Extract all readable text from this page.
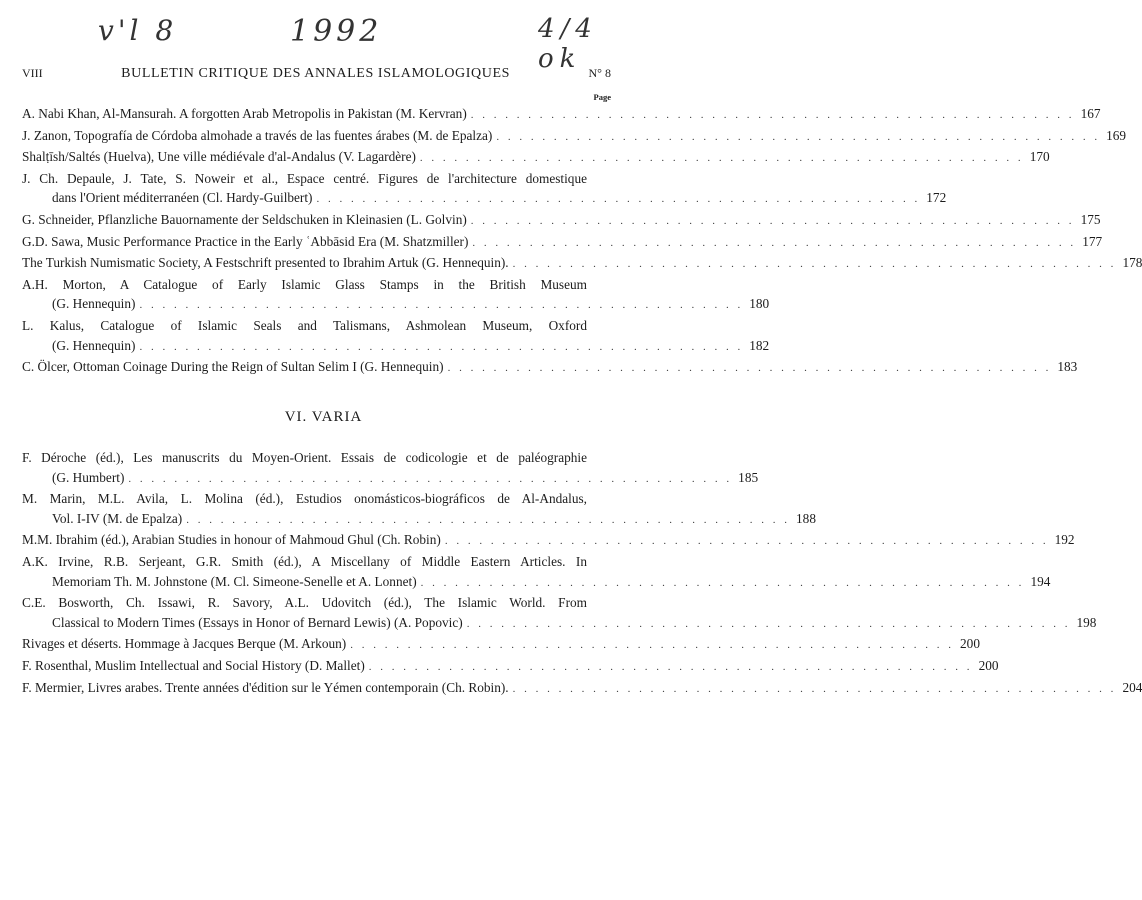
v'l 8	1992	4/4 ok
VIII	BULLETIN CRITIQUE DES ANNALES ISLAMOLOGIQUES	N° 8
Page
A. Nabi Khan, Al-Mansurah. A forgotten Arab Metropolis in Pakistan (M. Kervran) . . .	167
J. Zanon, Topografía de Córdoba almohade a través de las fuentes árabes (M. de Epalza) . . .	169
Shalṭīsh/Saltés (Huelva), Une ville médiévale d'al-Andalus (V. Lagardère) . . .	170
J. Ch. Depaule, J. Tate, S. Noweir et al., Espace centré. Figures de l'architecture domestique
dans l'Orient méditerranéen (Cl. Hardy-Guilbert) . . .	172
G. Schneider, Pflanzliche Bauornamente der Seldschuken in Kleinasien (L. Golvin) . . .	175
G.D. Sawa, Music Performance Practice in the Early ʿAbbāsid Era (M. Shatzmiller) . . .	177
The Turkish Numismatic Society, A Festschrift presented to Ibrahim Artuk (G. Hennequin). . . .	178
A.H. Morton, A Catalogue of Early Islamic Glass Stamps in the British Museum
(G. Hennequin) . . .	180
L. Kalus, Catalogue of Islamic Seals and Talismans, Ashmolean Museum, Oxford
(G. Hennequin) . . .	182
C. Ölcer, Ottoman Coinage During the Reign of Sultan Selim I (G. Hennequin) . . .	183
VI. VARIA
F. Déroche (éd.), Les manuscrits du Moyen-Orient. Essais de codicologie et de paléographie
(G. Humbert) . . .	185
M. Marin, M.L. Avila, L. Molina (éd.), Estudios onomásticos-biográficos de Al-Andalus,
Vol. I-IV (M. de Epalza) . . .	188
M.M. Ibrahim (éd.), Arabian Studies in honour of Mahmoud Ghul (Ch. Robin) . . .	192
A.K. Irvine, R.B. Serjeant, G.R. Smith (éd.), A Miscellany of Middle Eastern Articles. In
Memoriam Th. M. Johnstone (M. Cl. Simeone-Senelle et A. Lonnet) . . .	194
C.E. Bosworth, Ch. Issawi, R. Savory, A.L. Udovitch (éd.), The Islamic World. From
Classical to Modern Times (Essays in Honor of Bernard Lewis) (A. Popovic) . . .	198
Rivages et déserts. Hommage à Jacques Berque (M. Arkoun) . . .	200
F. Rosenthal, Muslim Intellectual and Social History (D. Mallet) . . .	200
F. Mermier, Livres arabes. Trente années d'édition sur le Yémen contemporain (Ch. Robin). . . .	204
